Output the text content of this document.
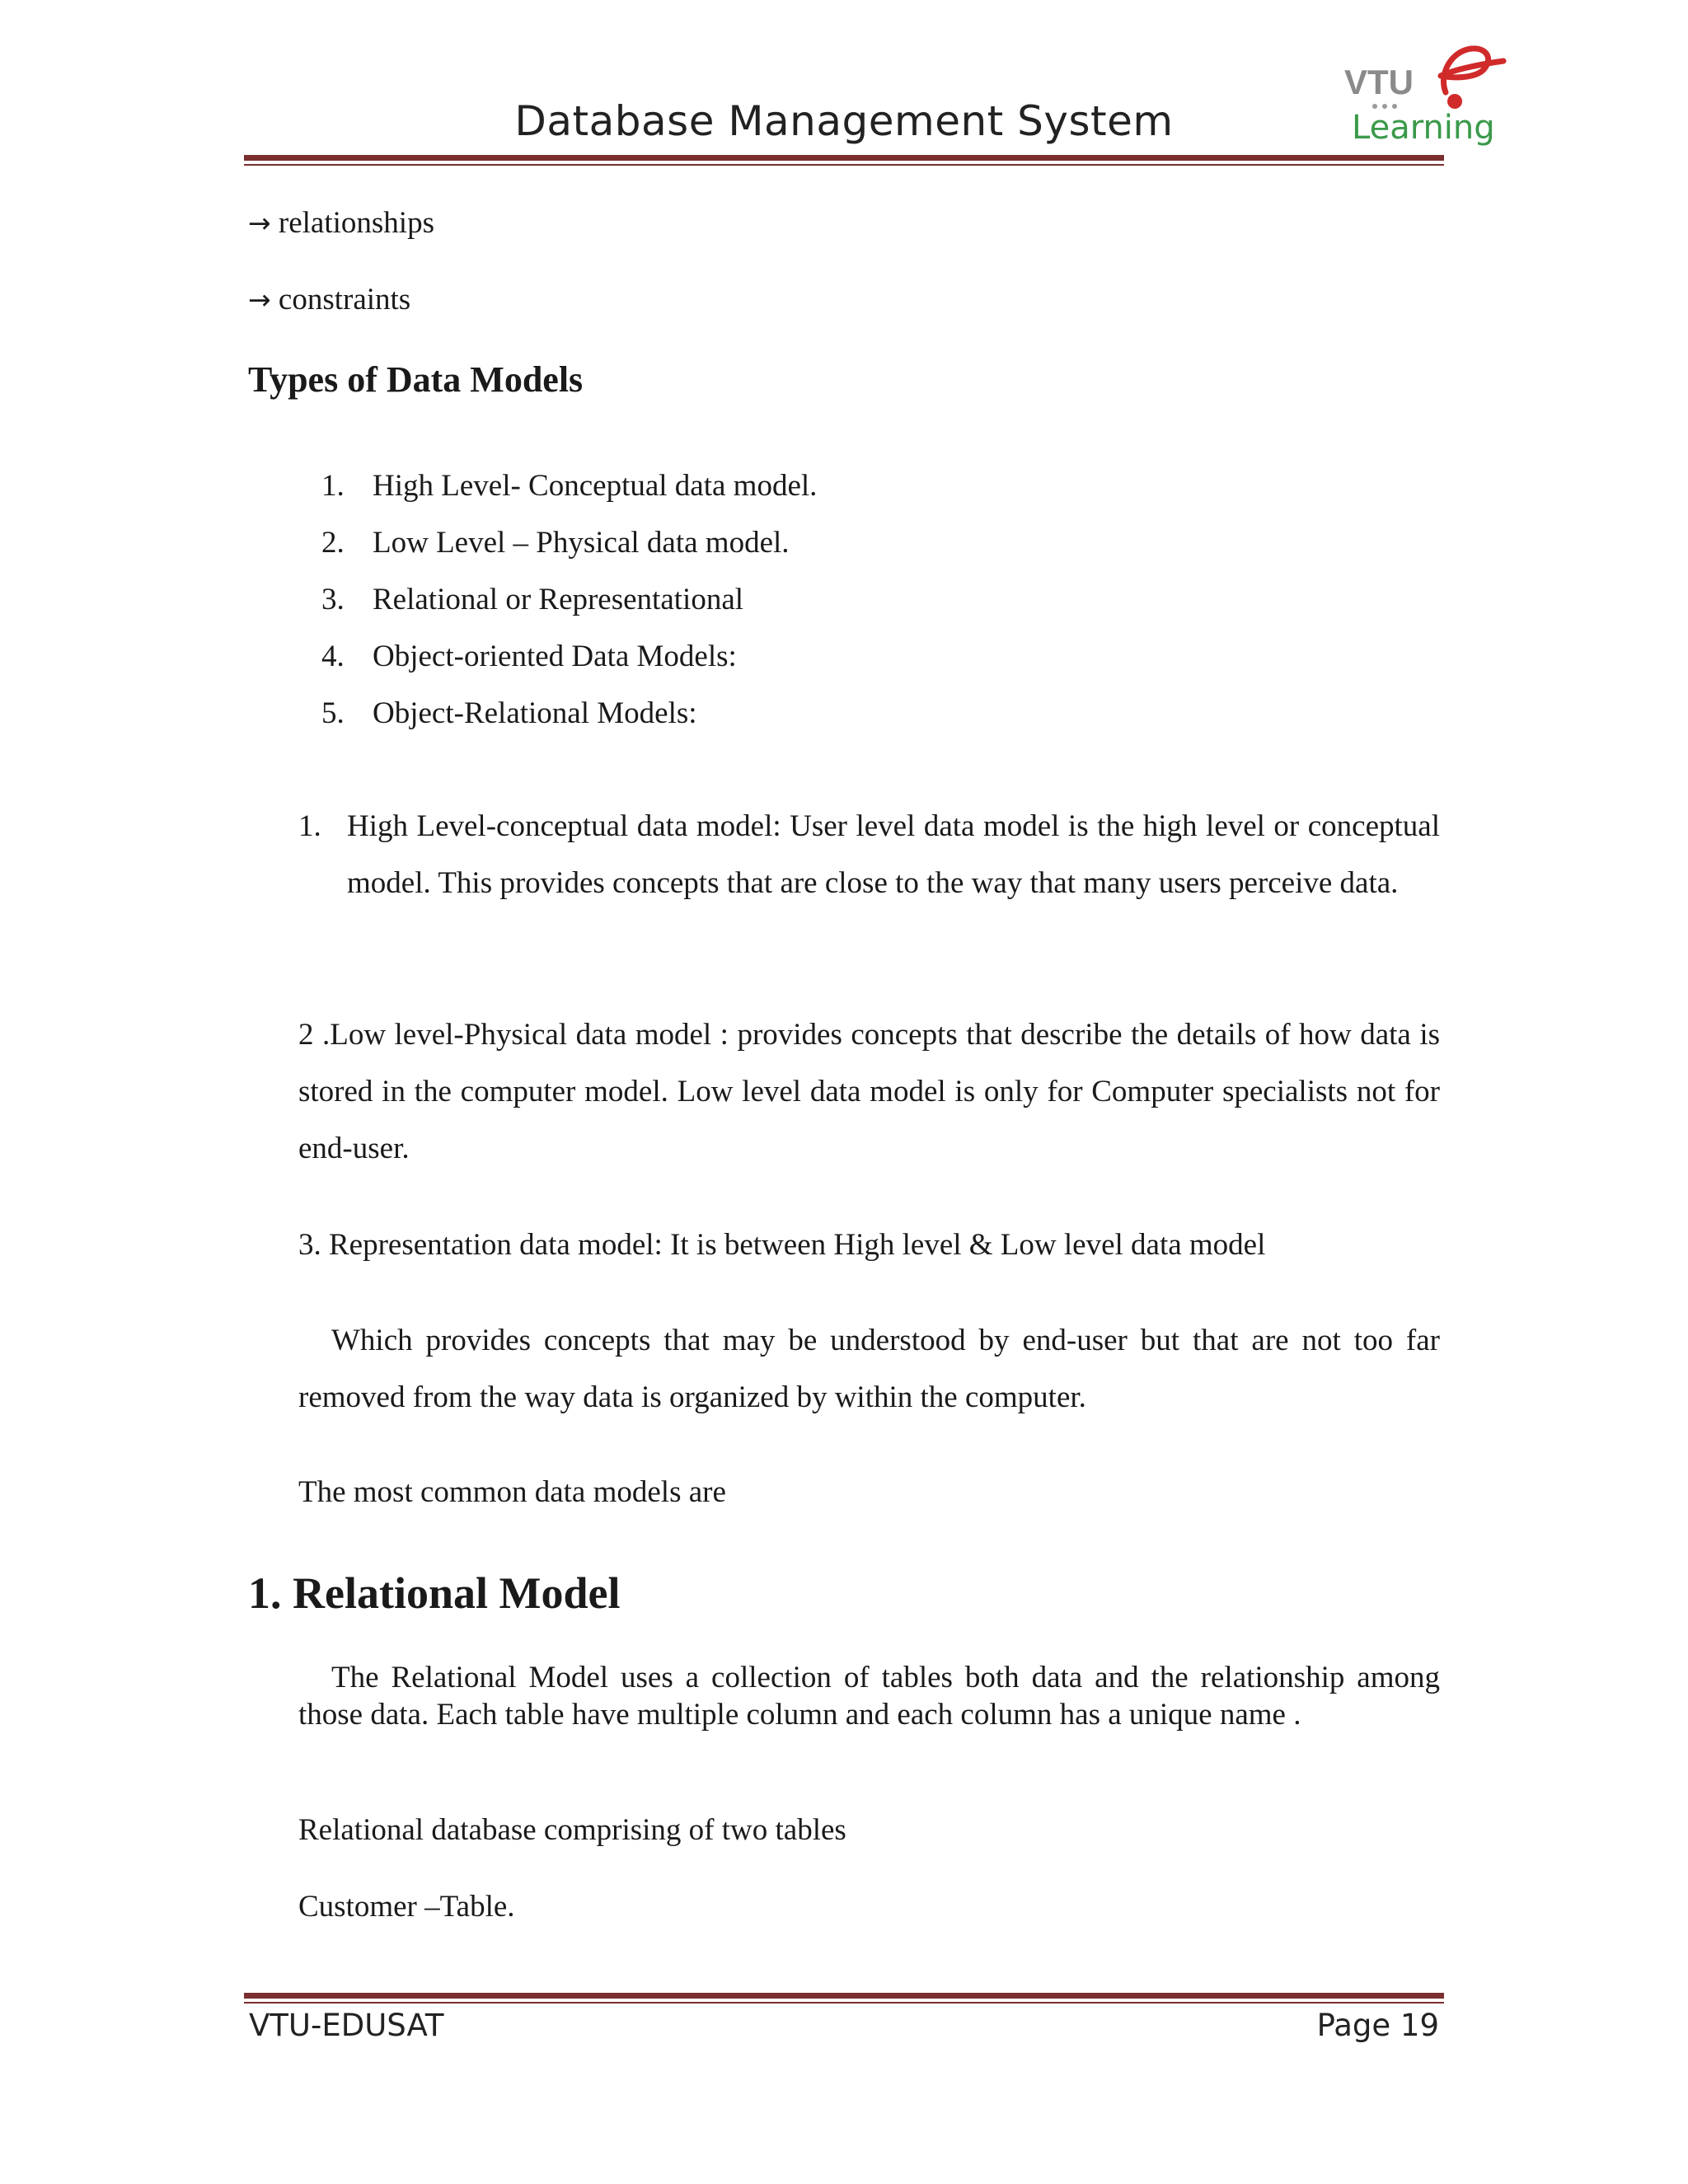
Database Management System
VTU
Learning
→ relationships
→ constraints
Types of Data Models
1. High Level- Conceptual data model.
2. Low Level – Physical data model.
3. Relational or Representational
4. Object-oriented Data Models:
5. Object-Relational Models:
1. High Level-conceptual data model: User level data model is the high level or conceptual model. This provides concepts that are close to the way that many users perceive data.
2 .Low level-Physical data model : provides concepts that describe the details of how data is stored in the computer model. Low level data model is only for Computer specialists not for end-user.
3. Representation data model: It is between High level & Low level data model
Which provides concepts that may be understood by end-user but that are not too far removed from the way data is organized by within the computer.
The most common data models are
1. Relational Model
The Relational Model uses a collection of tables both data and the relationship among those data. Each table have multiple column and each column has a unique name .
Relational database comprising of two tables
Customer –Table.
VTU-EDUSAT	Page 19
